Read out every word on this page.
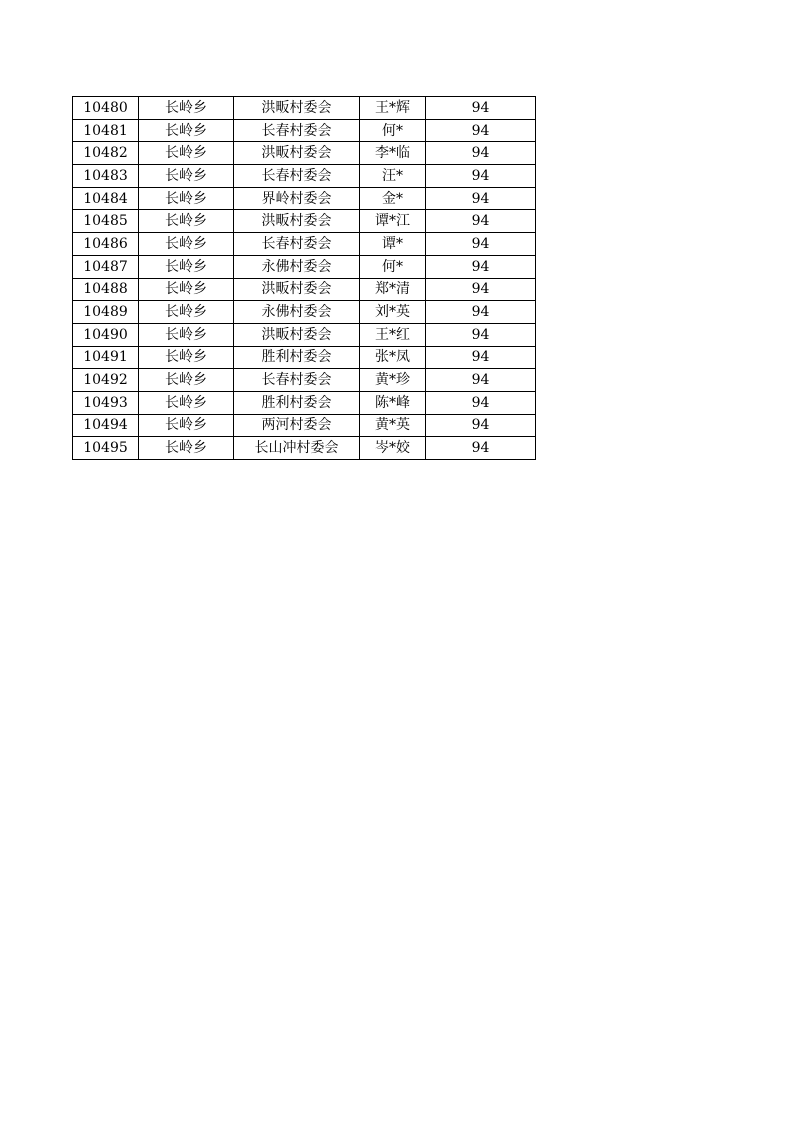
10480	长岭乡	洪畈村委会	王*辉	94
10481	长岭乡	长春村委会	何*	94
10482	长岭乡	洪畈村委会	李*临	94
10483	长岭乡	长春村委会	汪*	94
10484	长岭乡	界岭村委会	金*	94
10485	长岭乡	洪畈村委会	谭*江	94
10486	长岭乡	长春村委会	谭*	94
10487	长岭乡	永佛村委会	何*	94
10488	长岭乡	洪畈村委会	郑*清	94
10489	长岭乡	永佛村委会	刘*英	94
10490	长岭乡	洪畈村委会	王*红	94
10491	长岭乡	胜利村委会	张*凤	94
10492	长岭乡	长春村委会	黄*珍	94
10493	长岭乡	胜利村委会	陈*峰	94
10494	长岭乡	两河村委会	黄*英	94
10495	长岭乡	长山冲村委会	岑*姣	94
